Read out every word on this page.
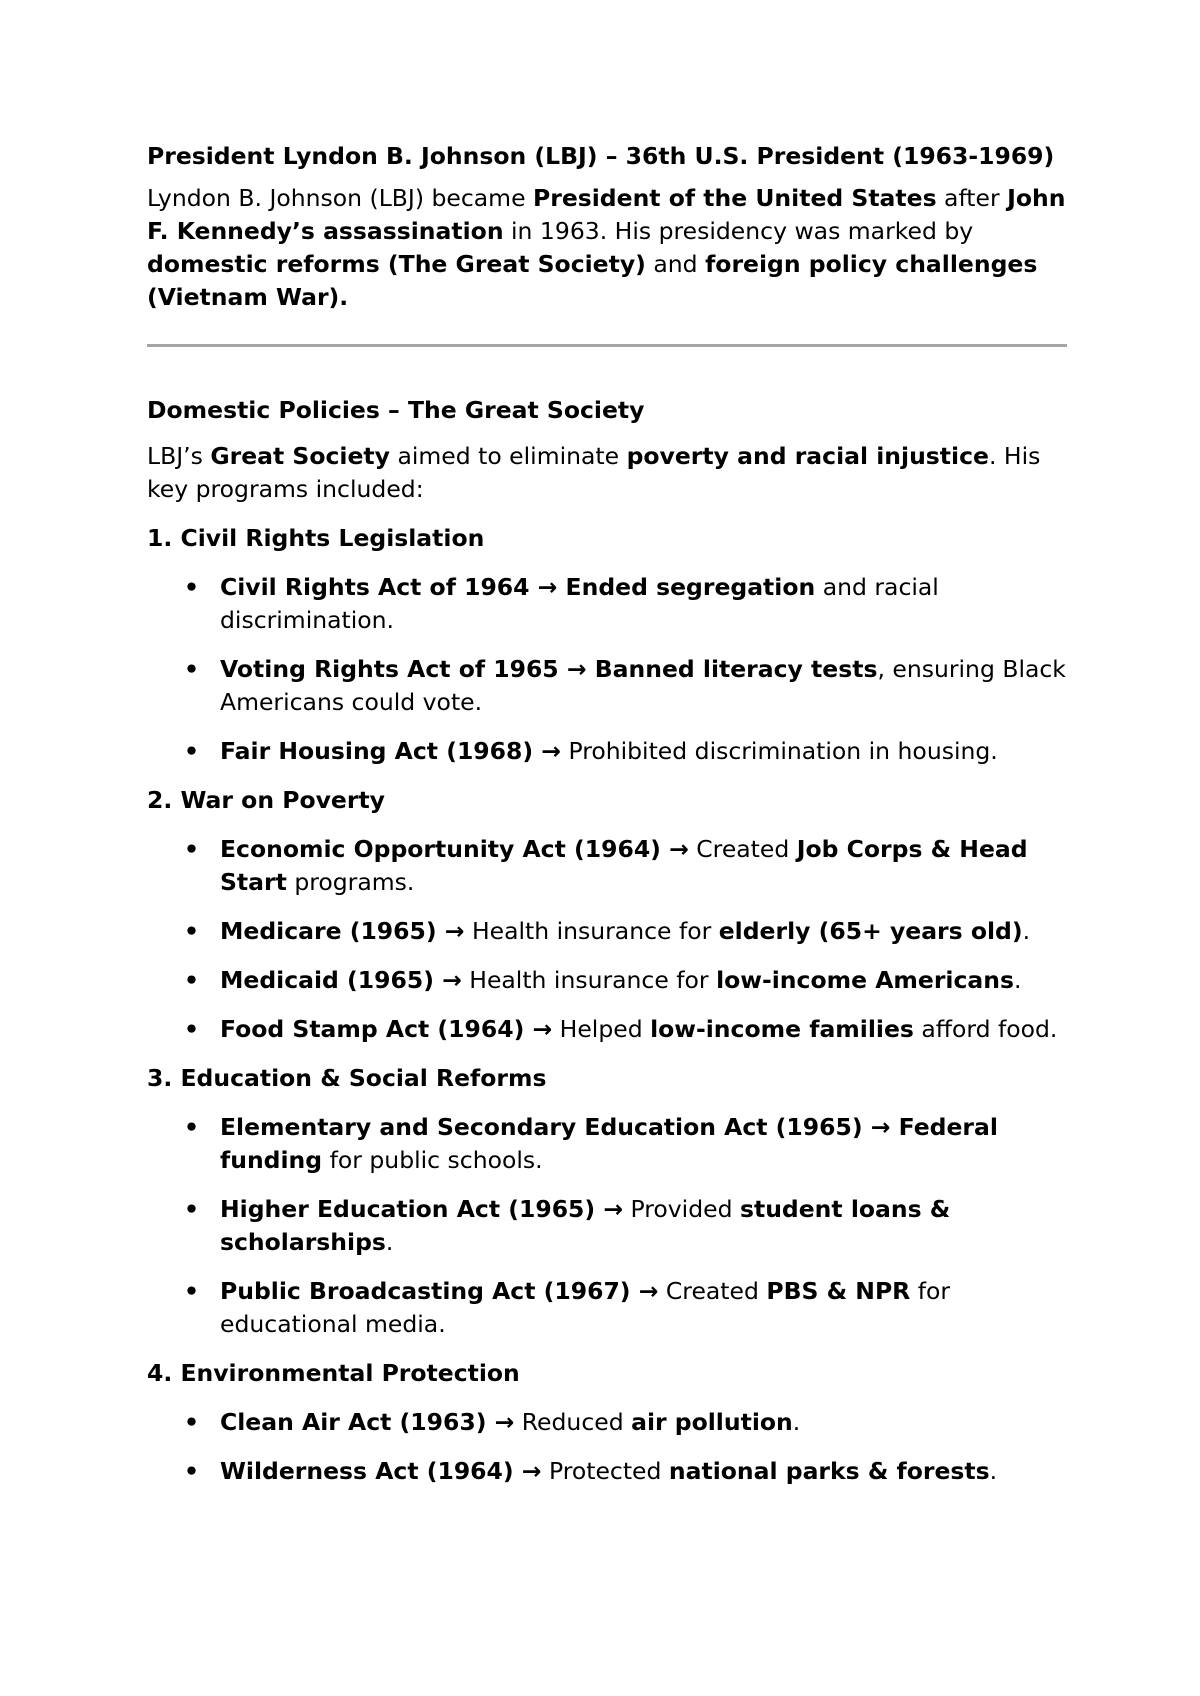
President Lyndon B. Johnson (LBJ) – 36th U.S. President (1963-1969)

Lyndon B. Johnson (LBJ) became President of the United States after John F. Kennedy’s assassination in 1963. His presidency was marked by domestic reforms (The Great Society) and foreign policy challenges (Vietnam War).

Domestic Policies – The Great Society

LBJ’s Great Society aimed to eliminate poverty and racial injustice. His key programs included:

1. Civil Rights Legislation

• Civil Rights Act of 1964 → Ended segregation and racial discrimination.
• Voting Rights Act of 1965 → Banned literacy tests, ensuring Black Americans could vote.
• Fair Housing Act (1968) → Prohibited discrimination in housing.

2. War on Poverty

• Economic Opportunity Act (1964) → Created Job Corps & Head Start programs.
• Medicare (1965) → Health insurance for elderly (65+ years old).
• Medicaid (1965) → Health insurance for low-income Americans.
• Food Stamp Act (1964) → Helped low-income families afford food.

3. Education & Social Reforms

• Elementary and Secondary Education Act (1965) → Federal funding for public schools.
• Higher Education Act (1965) → Provided student loans & scholarships.
• Public Broadcasting Act (1967) → Created PBS & NPR for educational media.

4. Environmental Protection

• Clean Air Act (1963) → Reduced air pollution.
• Wilderness Act (1964) → Protected national parks & forests.
